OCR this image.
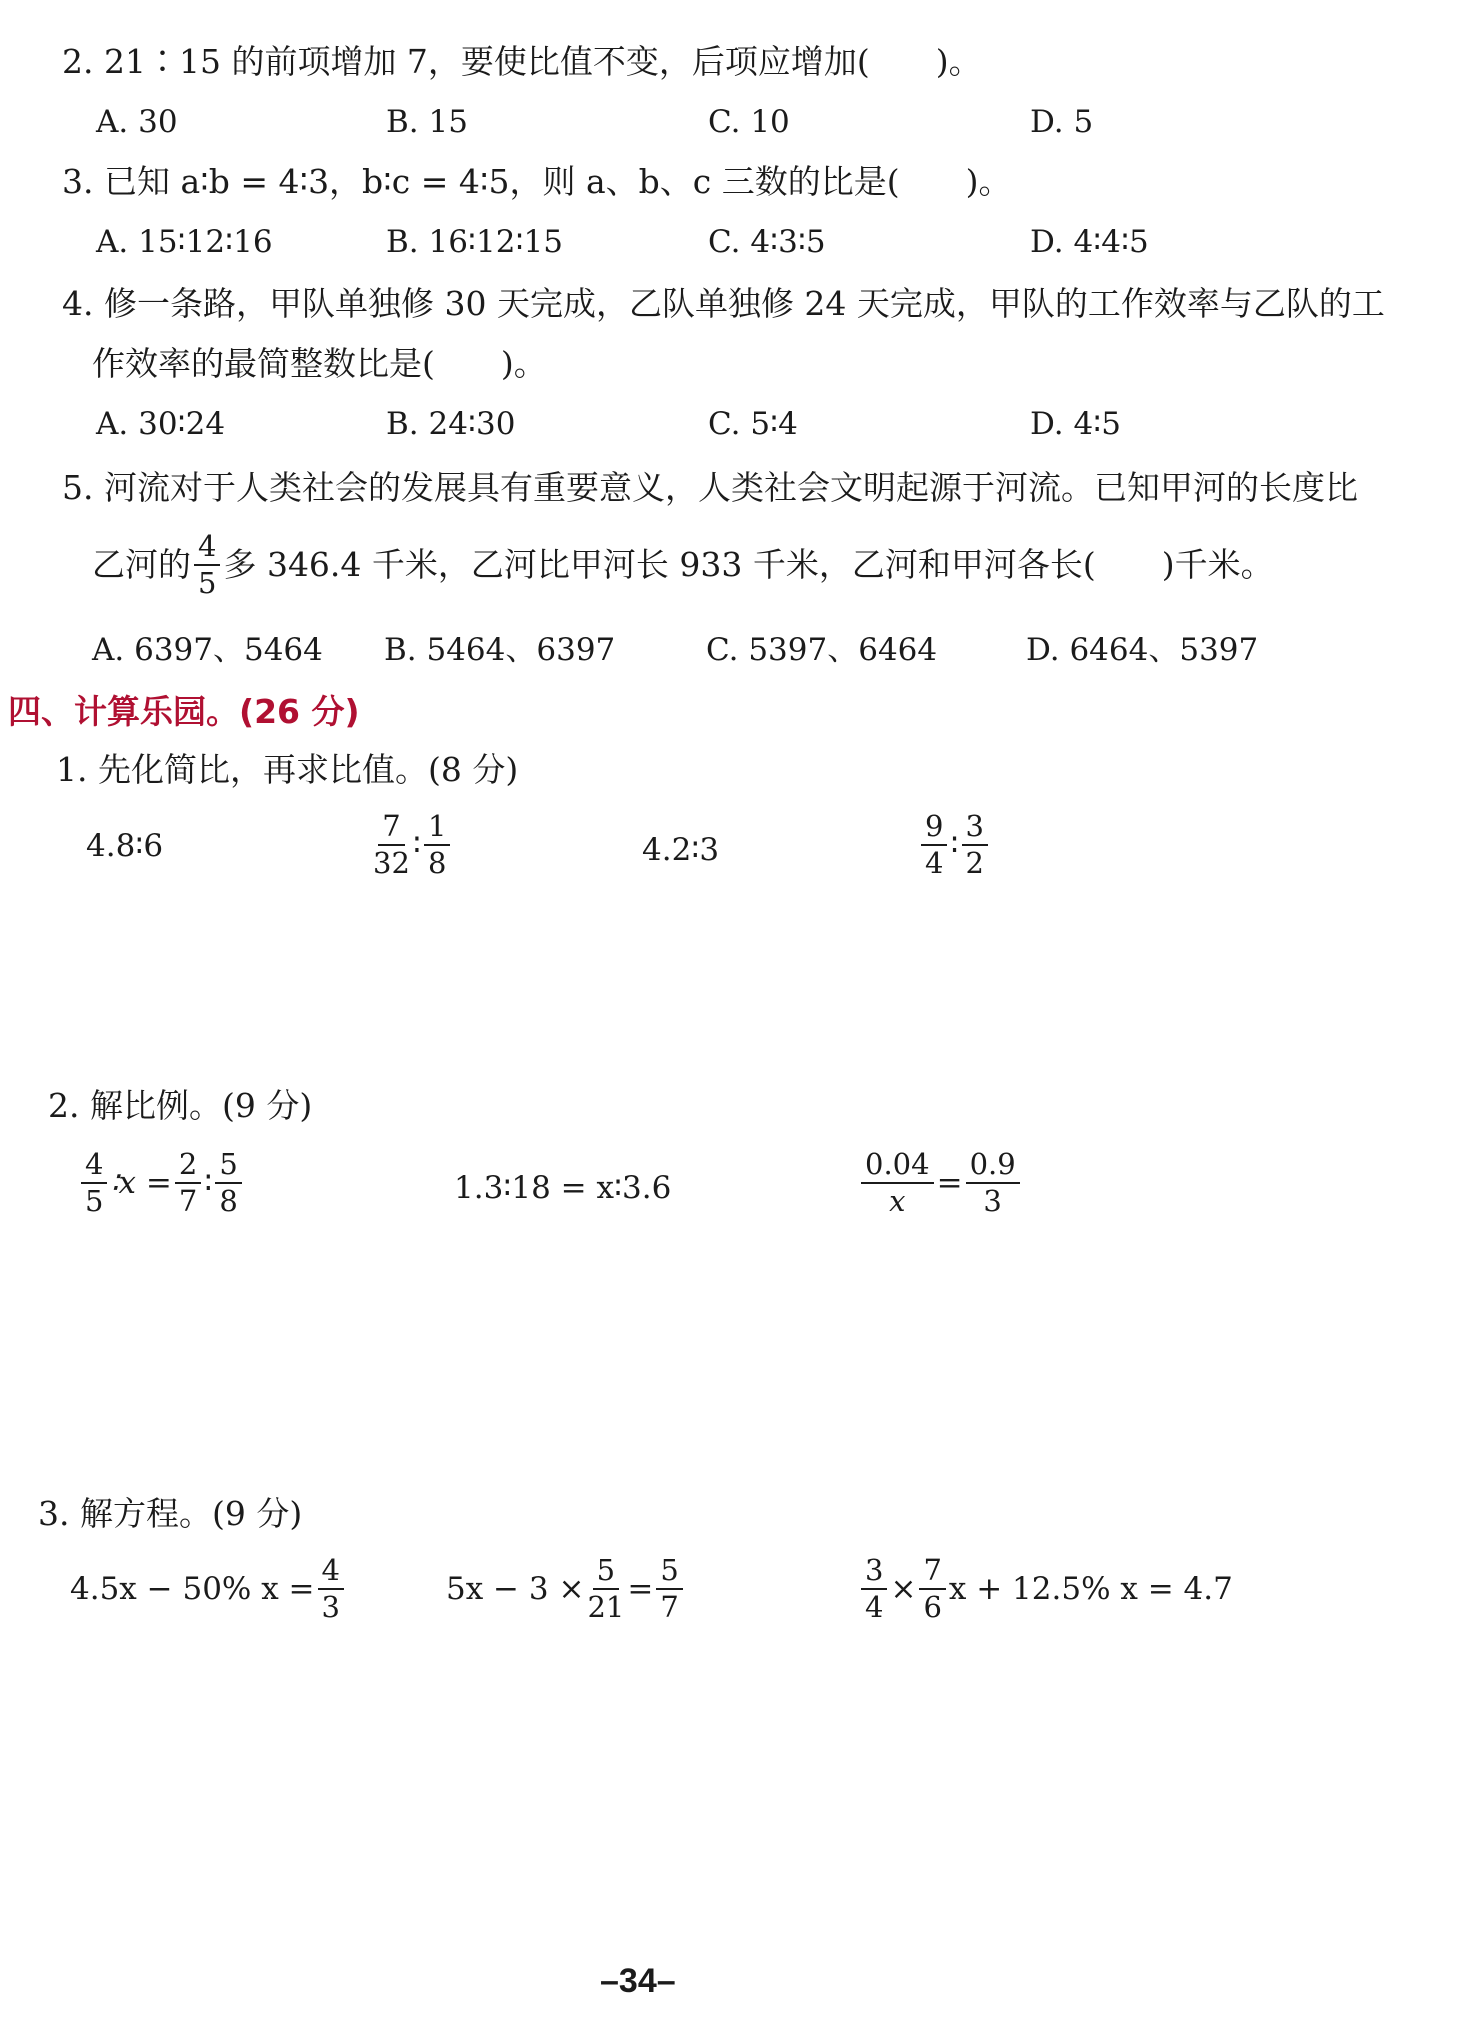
2. 21∶15 的前项增加 7，要使比值不变，后项应增加(　　)。
A. 30	B. 15	C. 10	D. 5
3. 已知 a∶b = 4∶3，b∶c = 4∶5，则 a、b、c 三数的比是(　　)。
A. 15∶12∶16	B. 16∶12∶15	C. 4∶3∶5	D. 4∶4∶5
4. 修一条路，甲队单独修 30 天完成，乙队单独修 24 天完成，甲队的工作效率与乙队的工
作效率的最简整数比是(　　)。
A. 30∶24	B. 24∶30	C. 5∶4	D. 4∶5
5. 河流对于人类社会的发展具有重要意义，人类社会文明起源于河流。已知甲河的长度比
乙河的 $\frac{4}{5}$ 多 346.4 千米，乙河比甲河长 933 千米，乙河和甲河各长(　　)千米。
A. 6397、5464 B. 5464、6397	C. 5397、6464	D. 6464、5397
四、计算乐园。(26 分)
1. 先化简比，再求比值。(8 分)
4.8∶6	$\frac{7}{32}$ ∶ $\frac{1}{8}$	4.2∶3	$\frac{9}{4}$ ∶ $\frac{3}{2}$
2. 解比例。(9 分)
$\frac{4}{5}$ ∶x = $\frac{2}{7}$ ∶ $\frac{5}{8}$	1.3∶18 = x∶3.6	$\frac{0.04}{x} = \frac{0.9}{3}$
3. 解方程。(9 分)
4.5x − 50% $x = \frac{4}{3}$	$5x - 3 \times \frac{5}{21} = \frac{5}{7}$	$\frac{3}{4} \times \frac{7}{6}$ x + 12.5% x = 4.7
–34–
